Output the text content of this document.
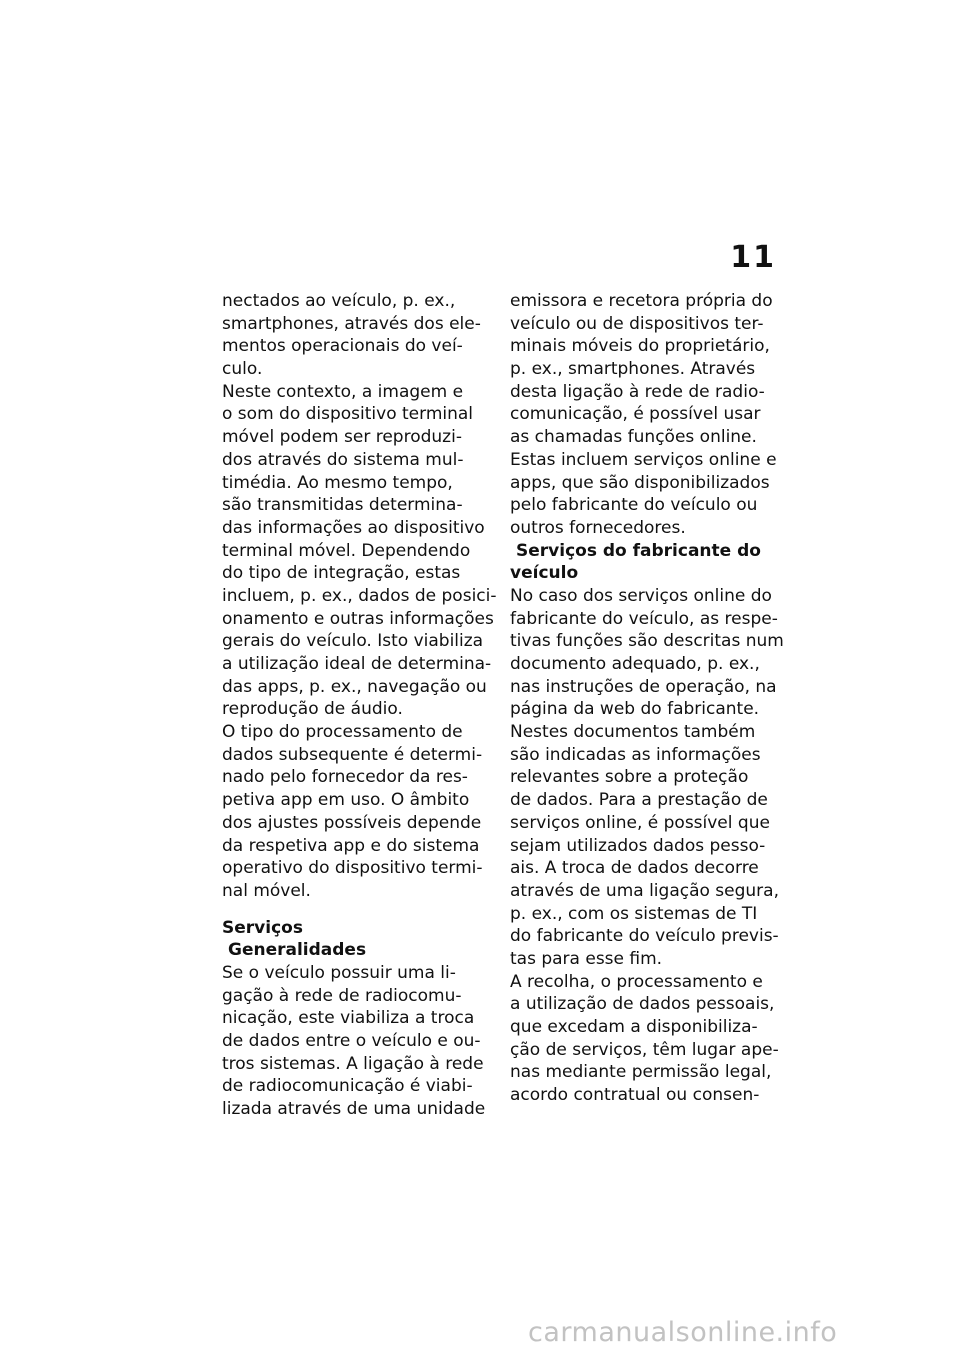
11
nectados ao veículo, p. ex.,
smartphones, através dos ele-
mentos operacionais do veí-
culo.
Neste contexto, a imagem e
o som do dispositivo terminal
móvel podem ser reproduzi-
dos através do sistema mul-
timédia. Ao mesmo tempo,
são transmitidas determina-
das informações ao dispositivo
terminal móvel. Dependendo
do tipo de integração, estas
incluem, p. ex., dados de posici-
onamento e outras informações
gerais do veículo. Isto viabiliza
a utilização ideal de determina-
das apps, p. ex., navegação ou
reprodução de áudio.
O tipo do processamento de
dados subsequente é determi-
nado pelo fornecedor da res-
petiva app em uso. O âmbito
dos ajustes possíveis depende
da respetiva app e do sistema
operativo do dispositivo termi-
nal móvel.
Serviços
Generalidades
Se o veículo possuir uma li-
gação à rede de radiocomu-
nicação, este viabiliza a troca
de dados entre o veículo e ou-
tros sistemas. A ligação à rede
de radiocomunicação é viabi-
lizada através de uma unidade
emissora e recetora própria do
veículo ou de dispositivos ter-
minais móveis do proprietário,
p. ex., smartphones. Através
desta ligação à rede de radio-
comunicação, é possível usar
as chamadas funções online.
Estas incluem serviços online e
apps, que são disponibilizados
pelo fabricante do veículo ou
outros fornecedores.
Serviços do fabricante do
veículo
No caso dos serviços online do
fabricante do veículo, as respe-
tivas funções são descritas num
documento adequado, p. ex.,
nas instruções de operação, na
página da web do fabricante.
Nestes documentos também
são indicadas as informações
relevantes sobre a proteção
de dados. Para a prestação de
serviços online, é possível que
sejam utilizados dados pesso-
ais. A troca de dados decorre
através de uma ligação segura,
p. ex., com os sistemas de TI
do fabricante do veículo previs-
tas para esse fim.
A recolha, o processamento e
a utilização de dados pessoais,
que excedam a disponibiliza-
ção de serviços, têm lugar ape-
nas mediante permissão legal,
acordo contratual ou consen-
carmanualsonline.info
